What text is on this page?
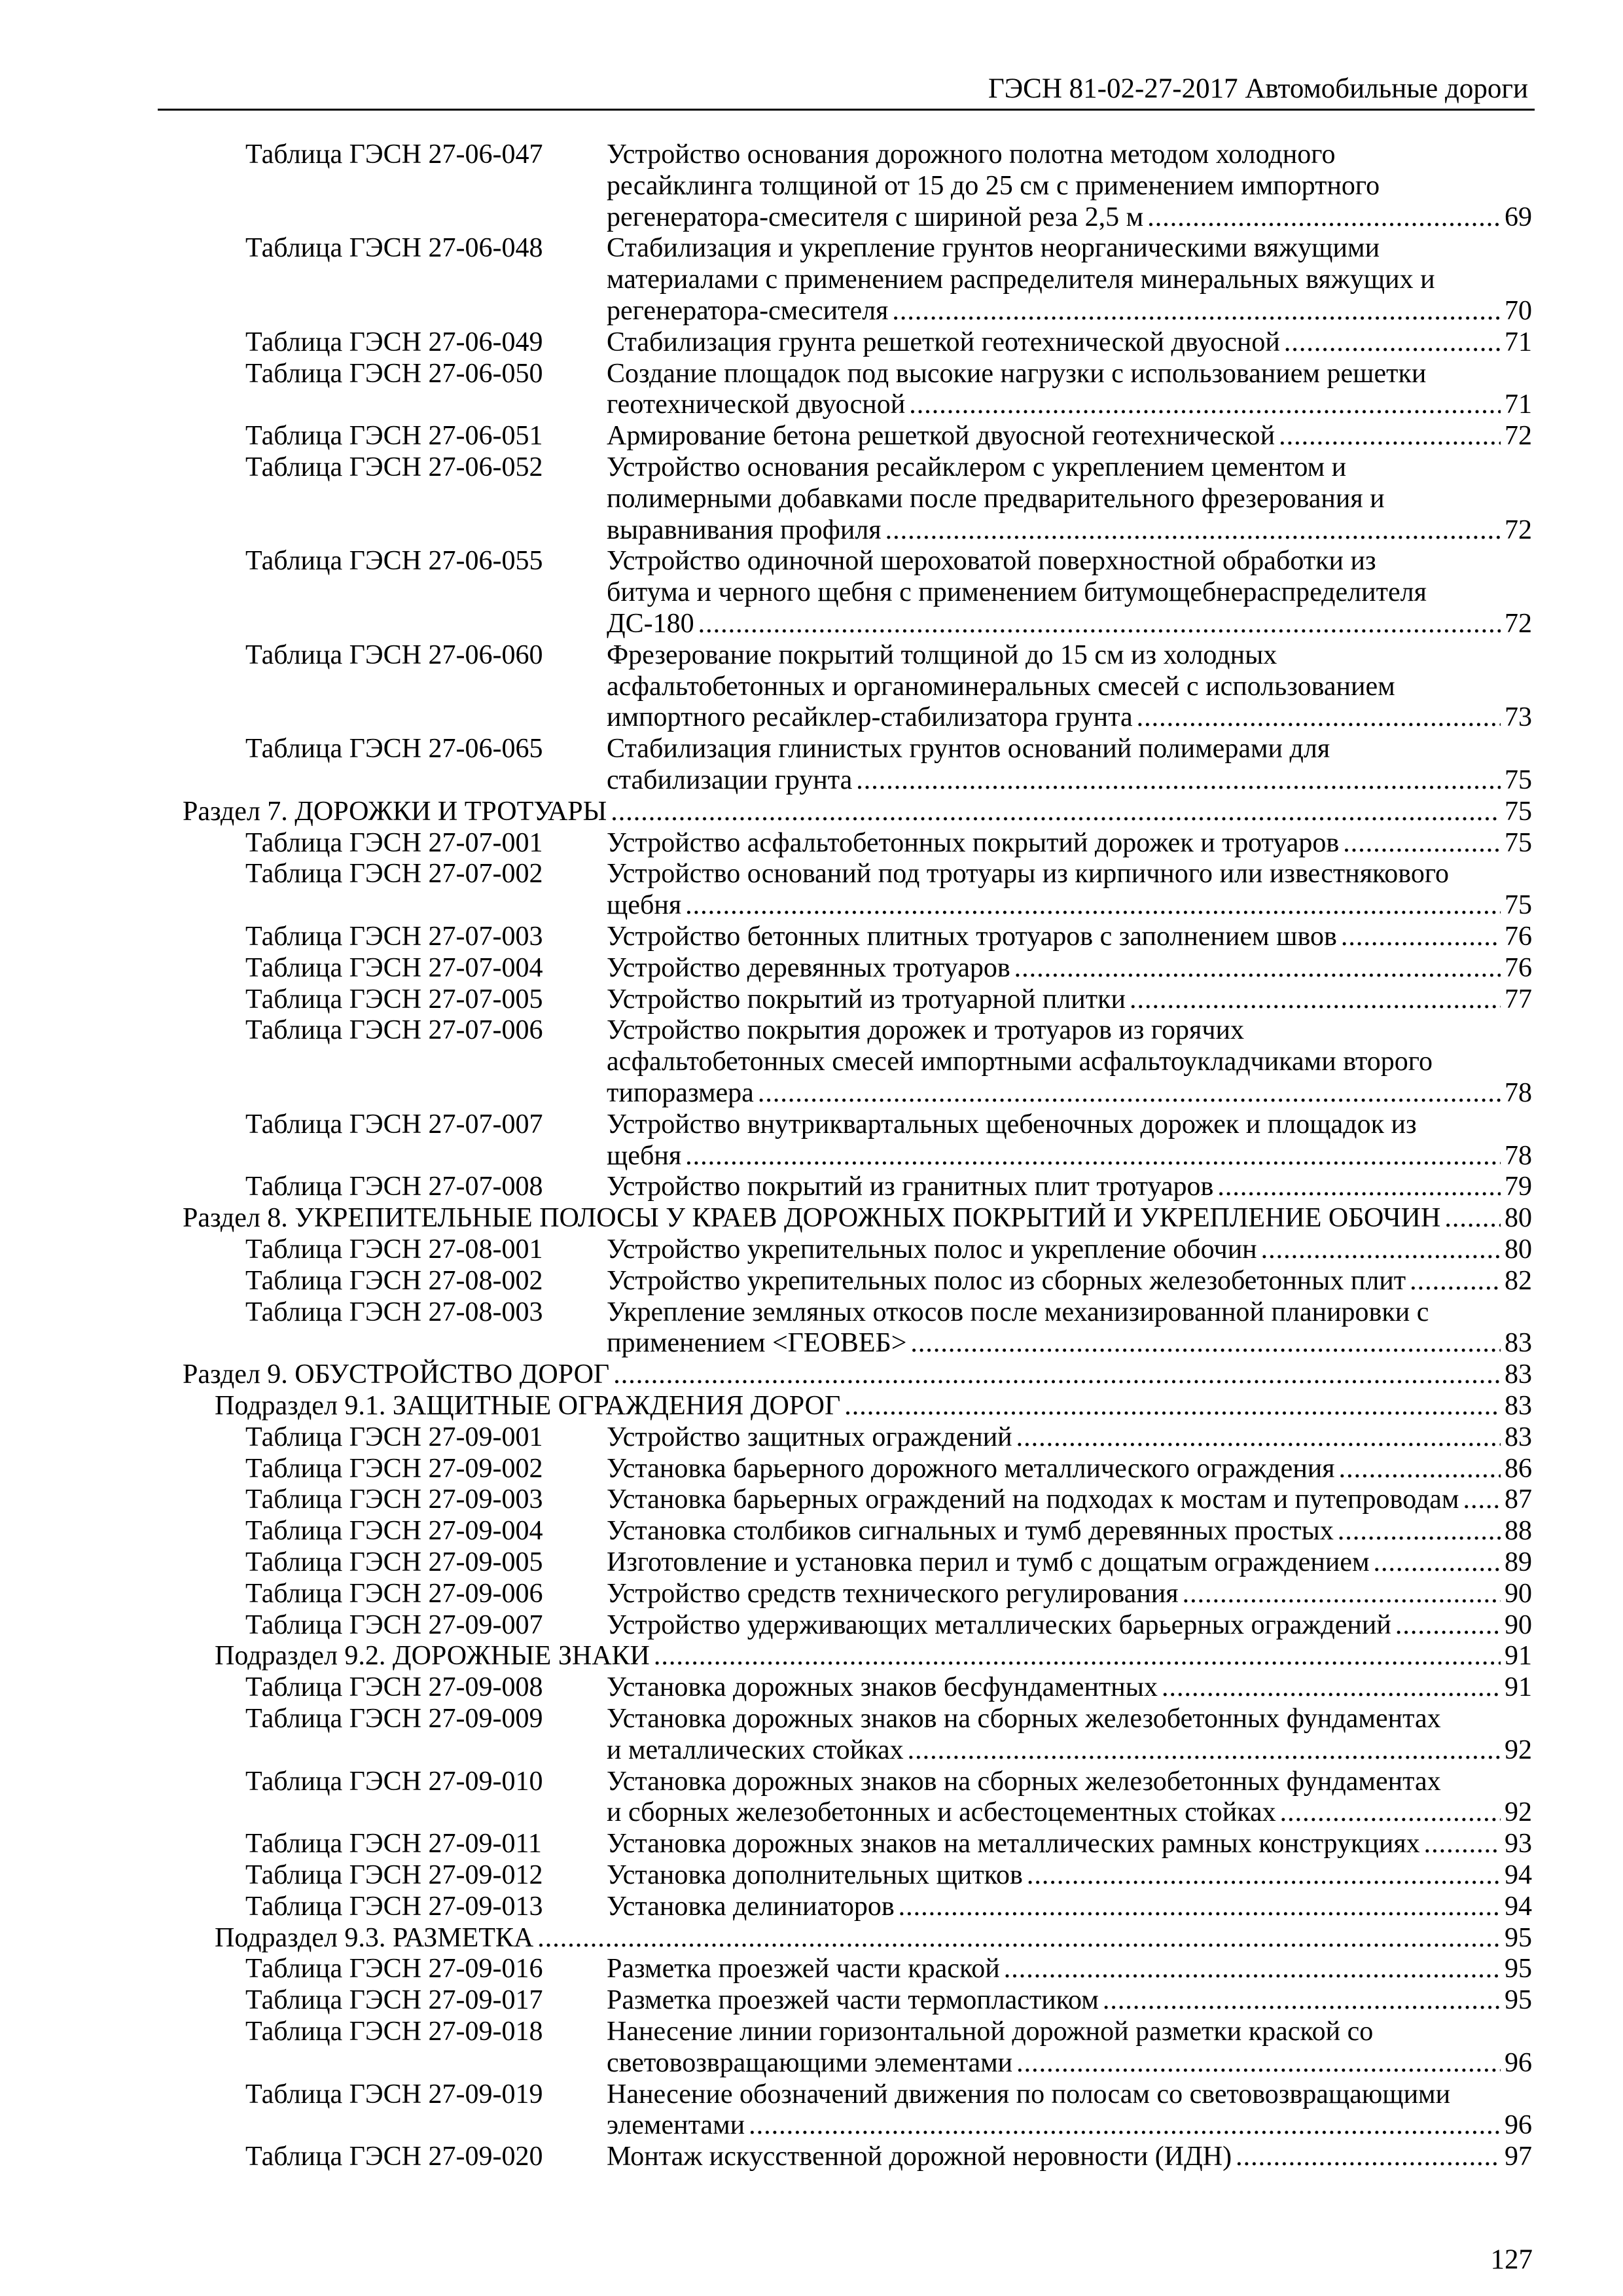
ГЭСН 81-02-27-2017 Автомобильные дороги
Таблица ГЭСН 27-06-047 Устройство основания дорожного полотна методом холодного
ресайклинга толщиной от 15 до 25 см с применением импортного
регенератора-смесителя с шириной реза 2,5 м .....	69
Таблица ГЭСН 27-06-048 Стабилизация и укрепление грунтов неорганическими вяжущими
материалами с применением распределителя минеральных вяжущих и
регенератора-смесителя .....	70
Таблица ГЭСН 27-06-049 Стабилизация грунта решеткой геотехнической двуосной .....	71
Таблица ГЭСН 27-06-050 Создание площадок под высокие нагрузки с использованием решетки
геотехнической двуосной .....	71
Таблица ГЭСН 27-06-051 Армирование бетона решеткой двуосной геотехнической .....	72
Таблица ГЭСН 27-06-052 Устройство основания ресайклером с укреплением цементом и
полимерными добавками после предварительного фрезерования и
выравнивания профиля .....	72
Таблица ГЭСН 27-06-055 Устройство одиночной шероховатой поверхностной обработки из
битума и черного щебня с применением битумощебнераспределителя
ДС-180 .....	72
Таблица ГЭСН 27-06-060 Фрезерование покрытий толщиной до 15 см из холодных
асфальтобетонных и органоминеральных смесей с использованием
импортного ресайклер-стабилизатора грунта .....	73
Таблица ГЭСН 27-06-065 Стабилизация глинистых грунтов оснований полимерами для
стабилизации грунта .....	75
Раздел 7. ДОРОЖКИ И ТРОТУАРЫ .....	75
Таблица ГЭСН 27-07-001 Устройство асфальтобетонных покрытий дорожек и тротуаров .....	75
Таблица ГЭСН 27-07-002 Устройство оснований под тротуары из кирпичного или известнякового
щебня .....	75
Таблица ГЭСН 27-07-003 Устройство бетонных плитных тротуаров с заполнением швов .....	76
Таблица ГЭСН 27-07-004 Устройство деревянных тротуаров .....	76
Таблица ГЭСН 27-07-005 Устройство покрытий из тротуарной плитки .....	77
Таблица ГЭСН 27-07-006 Устройство покрытия дорожек и тротуаров из горячих
асфальтобетонных смесей импортными асфальтоукладчиками второго
типоразмера .....	78
Таблица ГЭСН 27-07-007 Устройство внутриквартальных щебеночных дорожек и площадок из
щебня .....	78
Таблица ГЭСН 27-07-008 Устройство покрытий из гранитных плит тротуаров .....	79
Раздел 8. УКРЕПИТЕЛЬНЫЕ ПОЛОСЫ У КРАЕВ ДОРОЖНЫХ ПОКРЫТИЙ И УКРЕПЛЕНИЕ ОБОЧИН ..... 80
Таблица ГЭСН 27-08-001 Устройство укрепительных полос и укрепление обочин .....	80
Таблица ГЭСН 27-08-002 Устройство укрепительных полос из сборных железобетонных плит .....	82
Таблица ГЭСН 27-08-003 Укрепление земляных откосов после механизированной планировки с
применением <ГЕОВЕБ> .....	83
Раздел 9. ОБУСТРОЙСТВО ДОРОГ .....	83
Подраздел 9.1. ЗАЩИТНЫЕ ОГРАЖДЕНИЯ ДОРОГ .....	83
Таблица ГЭСН 27-09-001 Устройство защитных ограждений .....	83
Таблица ГЭСН 27-09-002 Установка барьерного дорожного металлического ограждения .....	86
Таблица ГЭСН 27-09-003 Установка барьерных ограждений на подходах к мостам и путепроводам ..... 87
Таблица ГЭСН 27-09-004 Установка столбиков сигнальных и тумб деревянных простых .....	88
Таблица ГЭСН 27-09-005 Изготовление и установка перил и тумб с дощатым ограждением .....	89
Таблица ГЭСН 27-09-006 Устройство средств технического регулирования .....	90
Таблица ГЭСН 27-09-007 Устройство удерживающих металлических барьерных ограждений .....	90
Подраздел 9.2. ДОРОЖНЫЕ ЗНАКИ .....	91
Таблица ГЭСН 27-09-008 Установка дорожных знаков бесфундаментных .....	91
Таблица ГЭСН 27-09-009 Установка дорожных знаков на сборных железобетонных фундаментах
и металлических стойках .....	92
Таблица ГЭСН 27-09-010 Установка дорожных знаков на сборных железобетонных фундаментах
и сборных железобетонных и асбестоцементных стойках .....	92
Таблица ГЭСН 27-09-011 Установка дорожных знаков на металлических рамных конструкциях .....	93
Таблица ГЭСН 27-09-012 Установка дополнительных щитков .....	94
Таблица ГЭСН 27-09-013 Установка делиниаторов .....	94
Подраздел 9.3. РАЗМЕТКА .....	95
Таблица ГЭСН 27-09-016 Разметка проезжей части краской .....	95
Таблица ГЭСН 27-09-017 Разметка проезжей части термопластиком .....	95
Таблица ГЭСН 27-09-018 Нанесение линии горизонтальной дорожной разметки краской со
световозвращающими элементами .....	96
Таблица ГЭСН 27-09-019 Нанесение обозначений движения по полосам со световозвращающими
элементами .....	96
Таблица ГЭСН 27-09-020 Монтаж искусственной дорожной неровности (ИДН) .....	97
127
